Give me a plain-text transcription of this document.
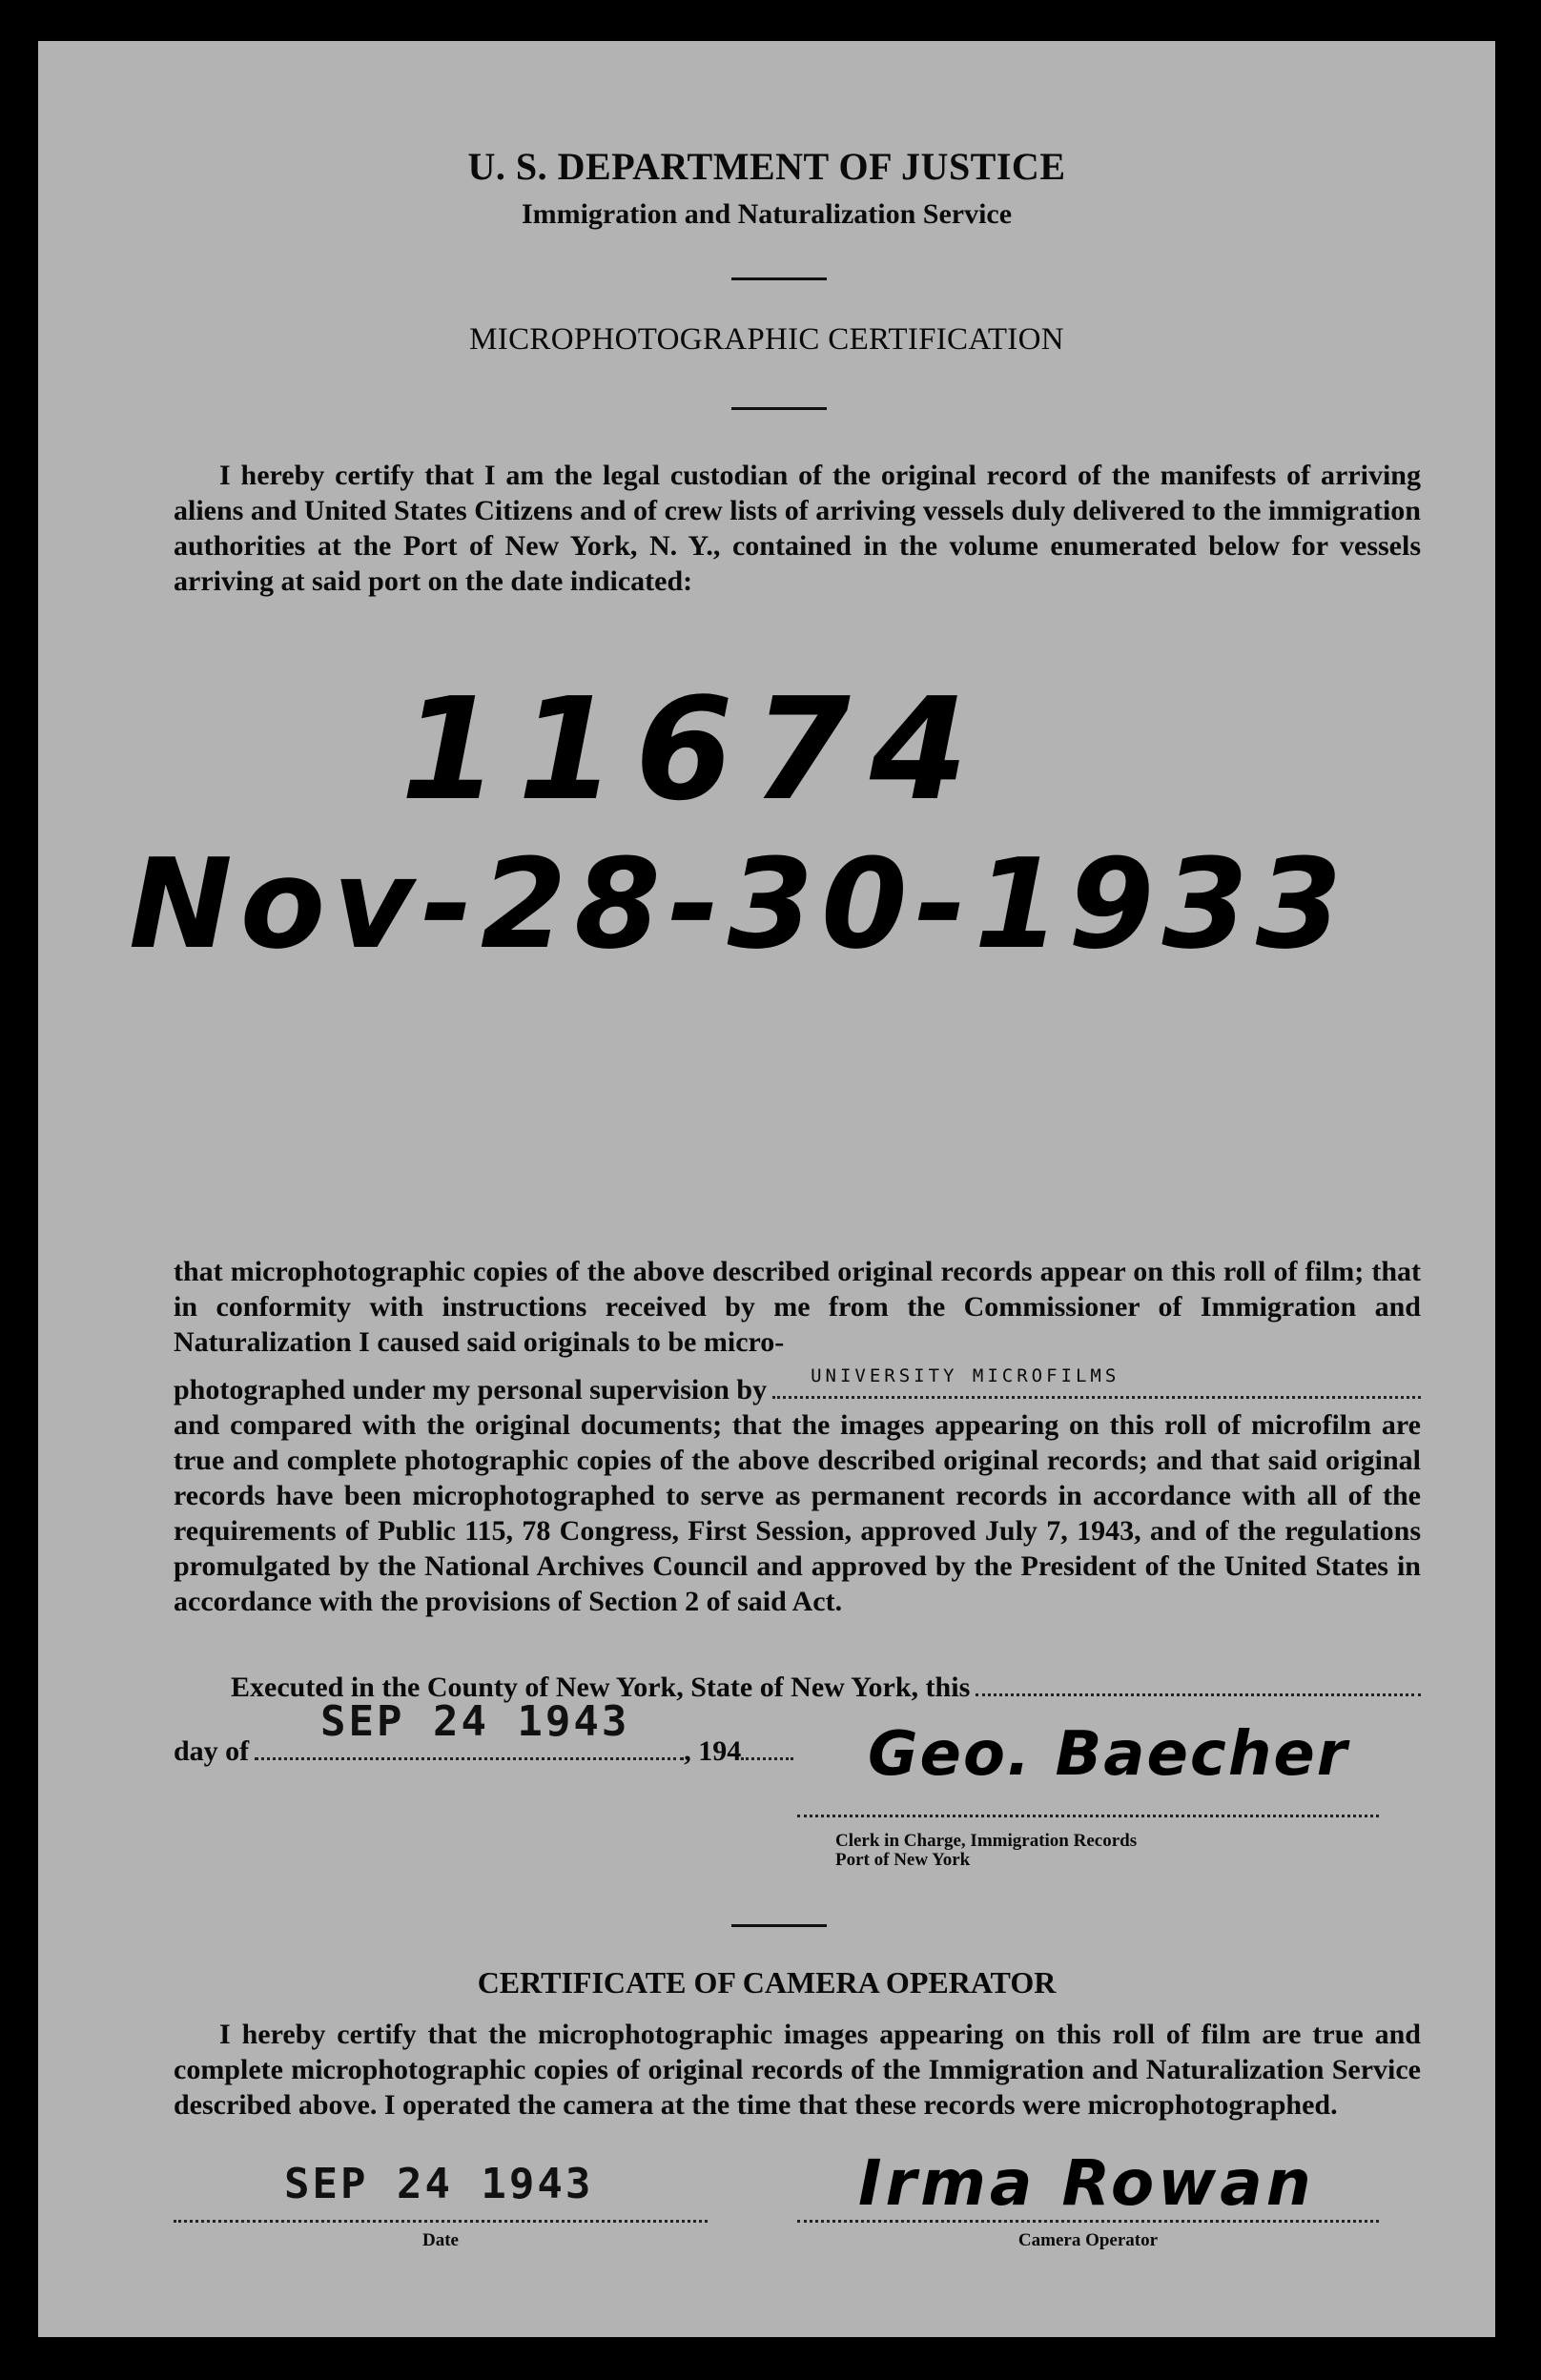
U. S. DEPARTMENT OF JUSTICE
Immigration and Naturalization Service
MICROPHOTOGRAPHIC CERTIFICATION

I hereby certify that I am the legal custodian of the original record of the manifests of arriving aliens and United States Citizens and of crew lists of arriving vessels duly delivered to the immigration authorities at the Port of New York, N. Y., contained in the volume enumerated below for vessels arriving at said port on the date indicated:

11674
Nov-28-30-1933

that microphotographic copies of the above described original records appear on this roll of film; that in conformity with instructions received by me from the Commissioner of Immigration and Naturalization I caused said originals to be micro-

photographed under my personal supervision by UNIVERSITY MICROFILMS

and compared with the original documents; that the images appearing on this roll of microfilm are true and complete photographic copies of the above described original records; and that said original records have been microphotographed to serve as permanent records in accordance with all of the requirements of Public 115, 78 Congress, First Session, approved July 7, 1943, and of the regulations promulgated by the National Archives Council and approved by the President of the United States in accordance with the provisions of Section 2 of said Act.

Executed in the County of New York, State of New York, this
SEP 24 1943
day of	, 194 Geo. Baecher
Clerk in Charge, Immigration Records
Port of New York
CERTIFICATE OF CAMERA OPERATOR

I hereby certify that the microphotographic images appearing on this roll of film are true and complete microphotographic copies of original records of the Immigration and Naturalization Service described above. I operated the camera at the time that these records were microphotographed.

SEP 24 1943
Date
Irma Rowan
Camera Operator
